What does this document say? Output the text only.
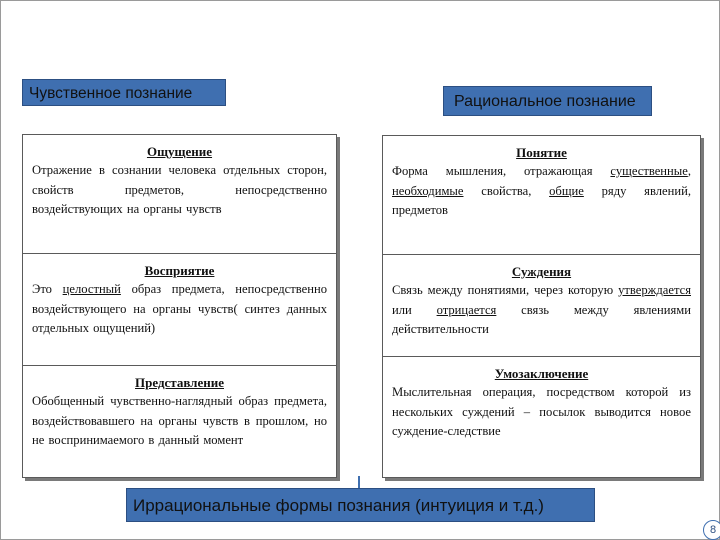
Чувственное познание	Рациональное познание
Ощущение

Отражение в сознании человека отдельных сторон, свойств предметов, непосредственно воздействующих на органы чувств

Восприятие

Это целостный образ предмета, непосредственно воздействующего на органы чувств( синтез данных отдельных ощущений)

Представление

Обобщенный чувственно-наглядный образ предмета, воздействовавшего на органы чувств в прошлом, но не воспринимаемого в данный момент

Понятие

Форма мышления, отражающая существенные, необходимые свойства, общие ряду явлений, предметов

Суждения

Связь между понятиями, через которую утверждается или отрицается связь между явлениями действительности

Умозаключение

Мыслительная операция, посредством которой из нескольких суждений – посылок выводится новое суждение-следствие

Иррациональные формы познания (интуиция и т.д.)
8
